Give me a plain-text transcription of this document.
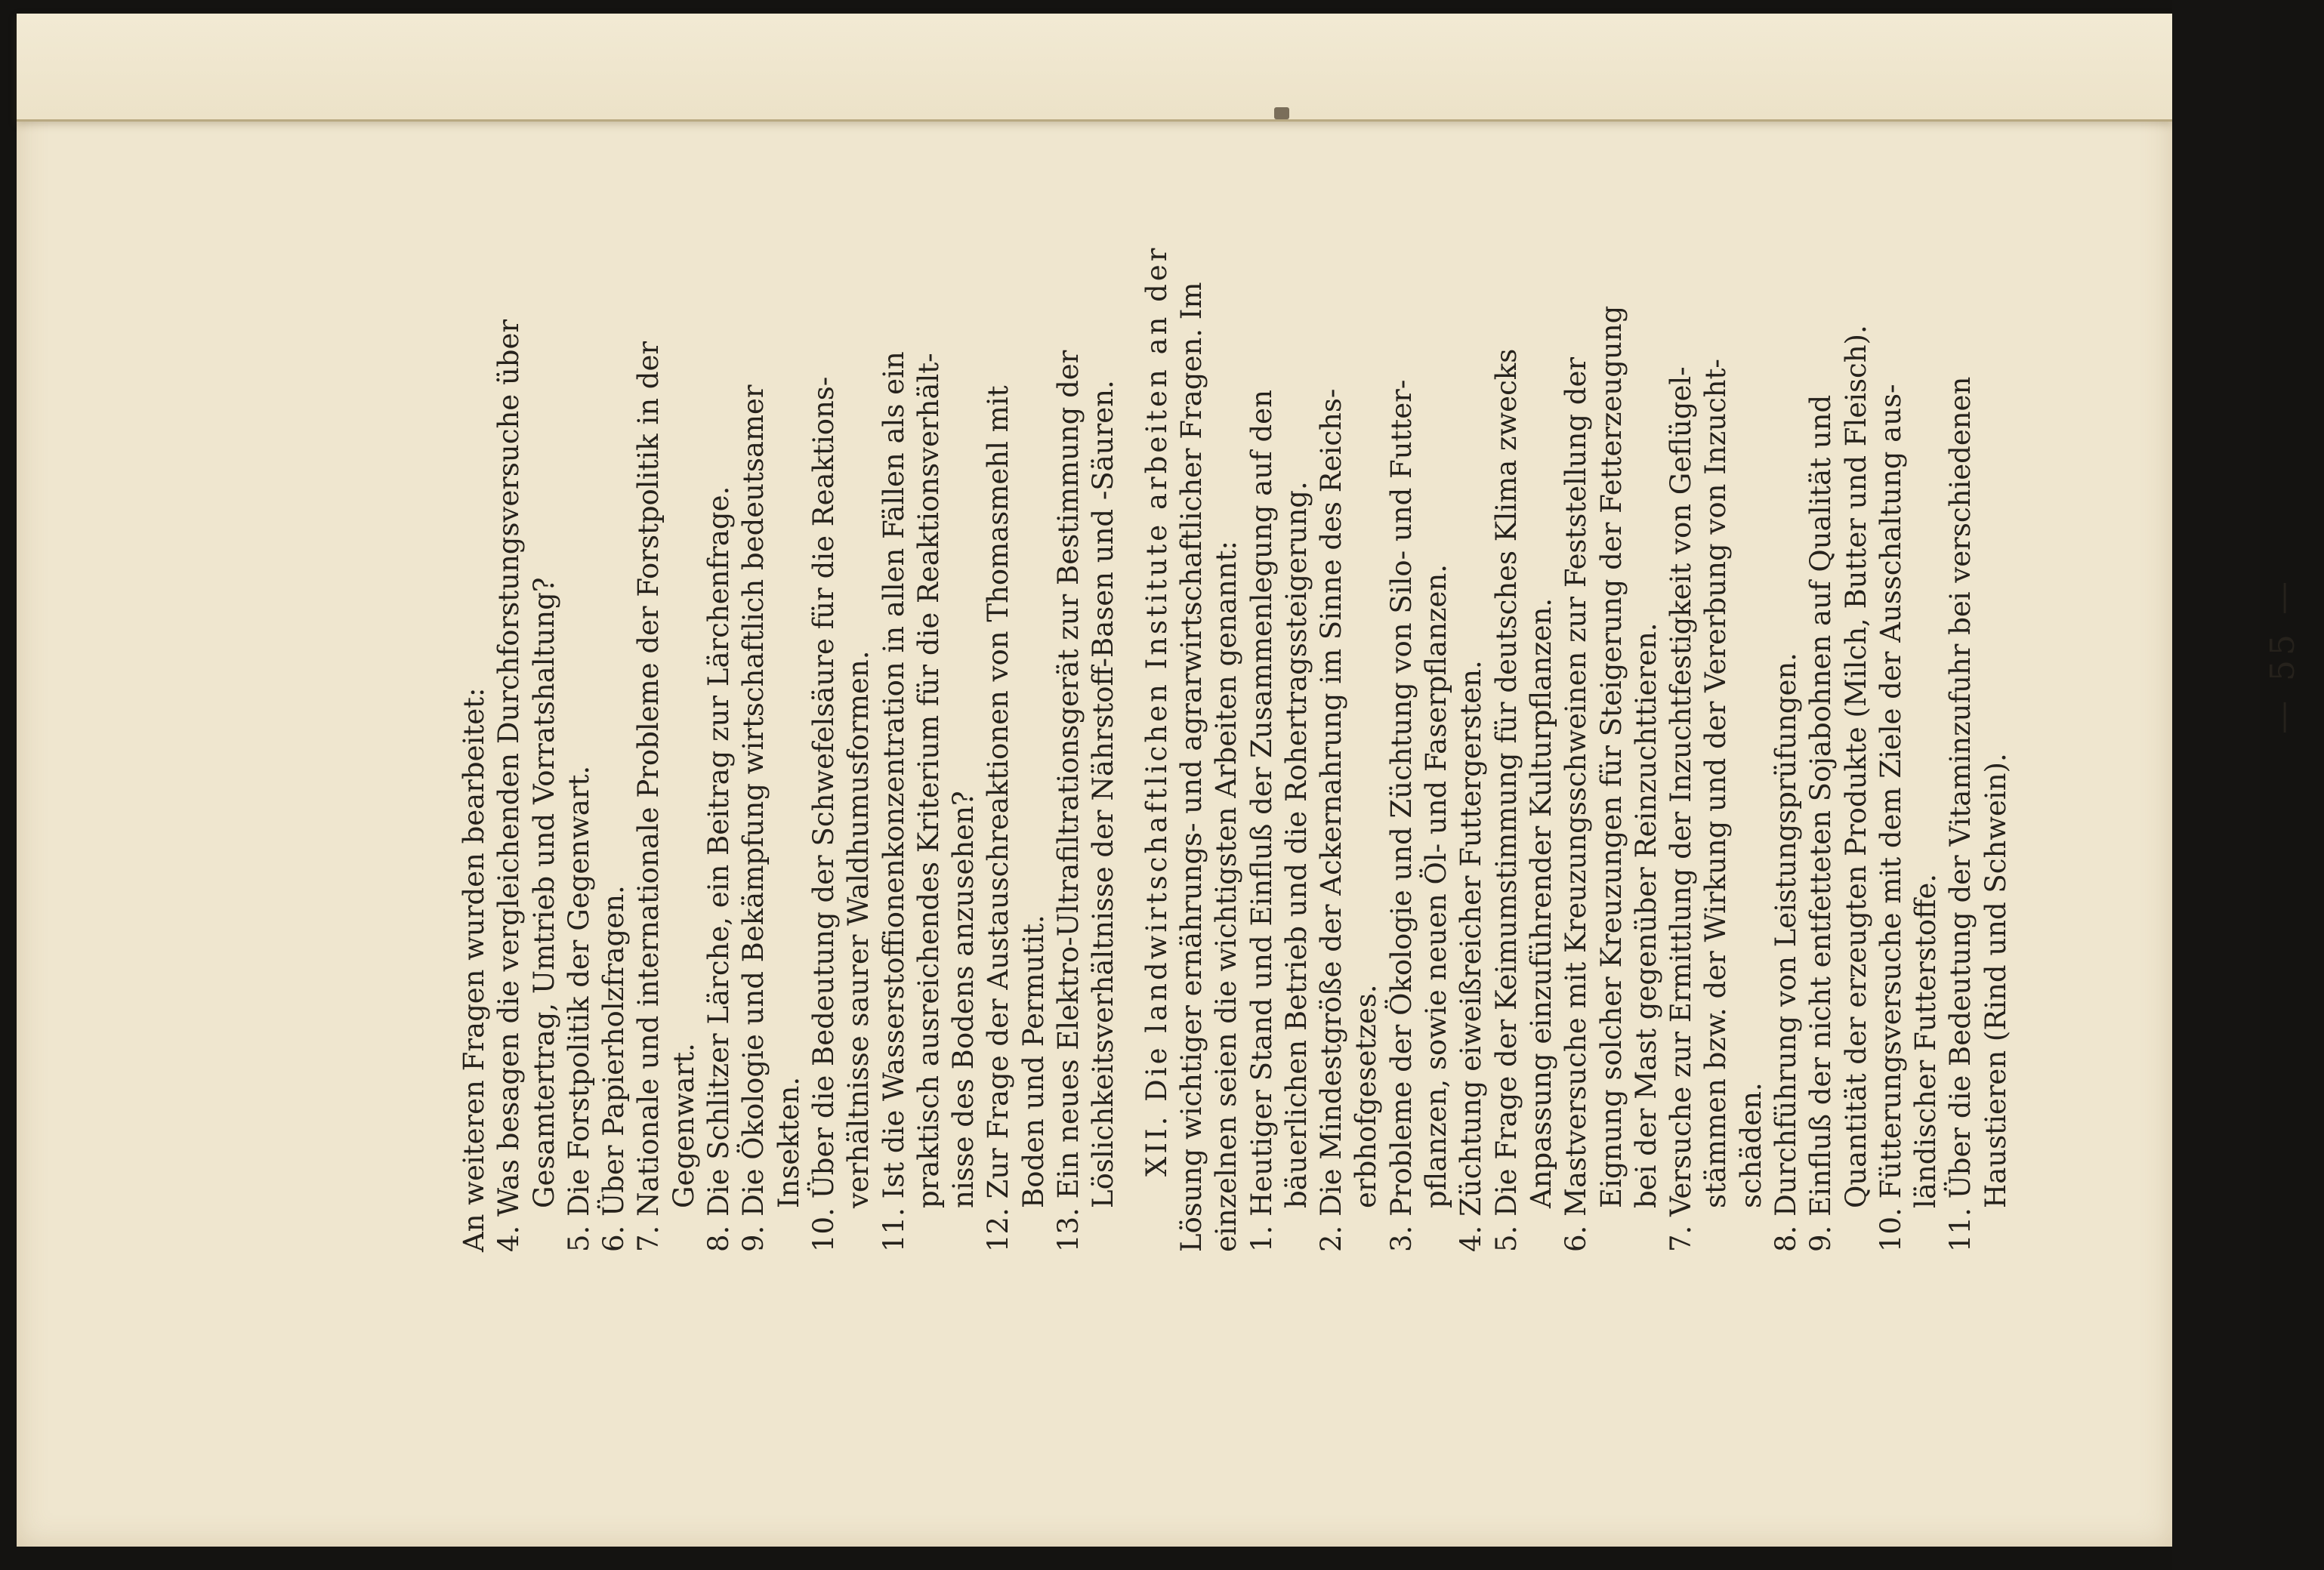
— 55 —
An weiteren Fragen wurden bearbeitet: 4. Was besagen die vergleichenden Durchforstungsversuche über Gesamtertrag, Umtrieb und Vorratshaltung?
5. Die Forstpolitik der Gegenwart.
6. Über Papierholzfragen.
7. Nationale und internationale Probleme der Forstpolitik in der Gegenwart.
8. Die Schlitzer Lärche, ein Beitrag zur Lärchenfrage.
9. Die Ökologie und Bekämpfung wirtschaftlich bedeutsamer Insekten.
10. Über die Bedeutung der Schwefelsäure für die Reaktions- verhältnisse saurer Waldhumusformen.
11. Ist die Wasserstoffionenkonzentration in allen Fällen als ein praktisch ausreichendes Kriterium für die Reaktionsverhält- nisse des Bodens anzusehen?
12. Zur Frage der Austauschreaktionen von Thomasmehl mit Boden und Permutit.
13. Ein neues Elektro-Ultrafiltrationsgerät zur Bestimmung der Löslichkeitsverhältnisse der Nährstoff-Basen und -Säuren. XII. Die landwirtschaftlichen Institute arbeiten an der Lösung wichtiger ernährungs- und agrarwirtschaftlicher Fragen. Im einzelnen seien die wichtigsten Arbeiten genannt: 1. Heutiger Stand und Einfluß der Zusammenlegung auf den bäuerlichen Betrieb und die Rohertragssteigerung.
2. Die Mindestgröße der Ackernahrung im Sinne des Reichs- erbhofgesetzes.
3. Probleme der Ökologie und Züchtung von Silo- und Futter- pflanzen, sowie neuen Öl- und Faserpflanzen.
4. Züchtung eiweißreicher Futtergersten.
5. Die Frage der Keimumstimmung für deutsches Klima zwecks Anpassung einzuführender Kulturpflanzen.
6. Mastversuche mit Kreuzungsschweinen zur Feststellung der Eignung solcher Kreuzungen für Steigerung der Fetterzeugung bei der Mast gegenüber Reinzuchttieren.
7. Versuche zur Ermittlung der Inzuchtfestigkeit von Geflügel- stämmen bzw. der Wirkung und der Vererbung von Inzucht- schäden.
8. Durchführung von Leistungsprüfungen.
9. Einfluß der nicht entfetteten Sojabohnen auf Qualität und Quantität der erzeugten Produkte (Milch, Butter und Fleisch).
10. Fütterungsversuche mit dem Ziele der Ausschaltung aus- ländischer Futterstoffe.
11. Über die Bedeutung der Vitaminzufuhr bei verschiedenen Haustieren (Rind und Schwein).
